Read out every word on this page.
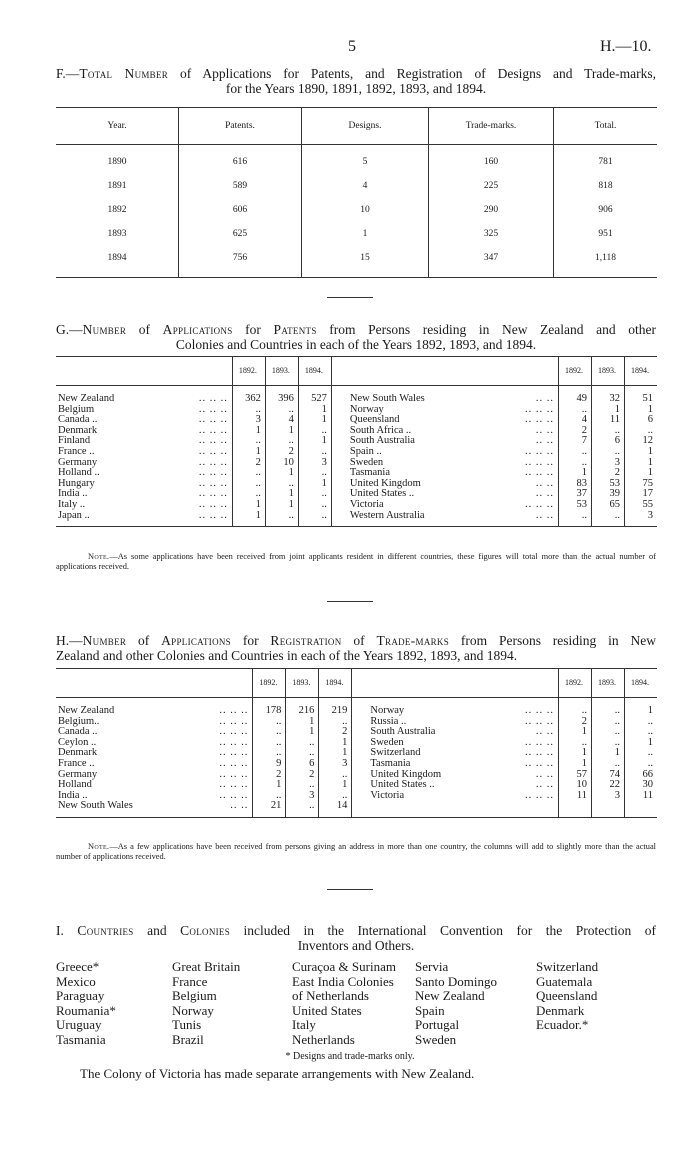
5	H.—10.
F.—Total Number of Applications for Patents, and Registration of Designs and Trade-marks,
for the Years 1890, 1891, 1892, 1893, and 1894.
Year.	Patents.	Designs.	Trade-marks.	Total.
1890	616	5	160	781
1891	589	4	225	818
1892	606	10	290	906
1893	625	1	325	951
1894	756	15	347	1,118
G.—Number of Applications for Patents from Persons residing in New Zealand and other
Colonies and Countries in each of the Years 1892, 1893, and 1894.
		1892.	1893.	1894.				1892.	1893.	1894.

New Zealand	.. .. ..	362	396	527		New South Wales	.. ..	49	32	51
Belgium	.. .. ..	..	..	1		Norway	.. .. ..	..	1	1
Canada ..	.. .. ..	3	4	1		Queensland	.. .. ..	4	11	6
Denmark	.. .. ..	1	1	..		South Africa ..	.. ..	2	..	..
Finland	.. .. ..	..	..	1		South Australia	.. ..	7	6	12
France ..	.. .. ..	1	2	..		Spain ..	.. .. ..	..	..	1
Germany	.. .. ..	2	10	3		Sweden	.. .. ..	..	3	1
Holland ..	.. .. ..	..	1	..		Tasmania	.. .. ..	1	2	1
Hungary	.. .. ..	..	..	1		United Kingdom	.. ..	83	53	75
India ..	.. .. ..	..	1	..		United States ..	.. ..	37	39	17
Italy ..	.. .. ..	1	1	..		Victoria	.. .. ..	53	65	55
Japan ..	.. .. ..	1	..	..		Western Australia	.. ..	..	..	3

Note.—As some applications have been received from joint applicants resident in different countries, these figures will total more than the actual number of applications received.
H.—Number of Applications for Registration of Trade-marks from Persons residing in New
Zealand and other Colonies and Countries in each of the Years 1892, 1893, and 1894.
		1892.	1893.	1894.				1892.	1893.	1894.

New Zealand	.. .. ..	178	216	219		Norway	.. .. ..	..	..	1
Belgium..	.. .. ..	..	1	..		Russia ..	.. .. ..	2	..	..
Canada ..	.. .. ..	..	1	2		South Australia	.. ..	1	..	..
Ceylon ..	.. .. ..	..	..	1		Sweden	.. .. ..	..	..	1
Denmark	.. .. ..	..	..	1		Switzerland	.. .. ..	1	1	..
France ..	.. .. ..	9	6	3		Tasmania	.. .. ..	1	..	..
Germany	.. .. ..	2	2	..		United Kingdom	.. ..	57	74	66
Holland	.. .. ..	1	..	1		United States ..	.. ..	10	22	30
India ..	.. .. ..	..	3	..		Victoria	.. .. ..	11	3	11
New South Wales	.. ..	21	..	14						

Note.—As a few applications have been received from persons giving an address in more than one country, the columns will add to slightly more than the actual number of applications received.
I. Countries and Colonies included in the International Convention for the Protection of
Inventors and Others.
Greece*
Mexico
Paraguay
Roumania*
Uruguay
Tasmania
Great Britain
France
Belgium
Norway
Tunis
Brazil
Curaçoa & Surinam
East India Colonies
of Netherlands
United States
Italy
Netherlands
Servia
Santo Domingo
New Zealand
Spain
Portugal
Sweden
Switzerland
Guatemala
Queensland
Denmark
Ecuador.*
* Designs and trade-marks only.
The Colony of Victoria has made separate arrangements with New Zealand.
